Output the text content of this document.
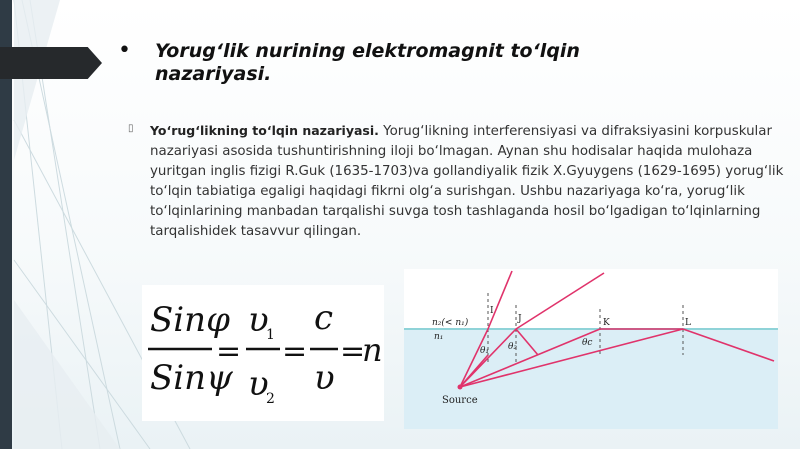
• Yorug‘lik nurining elektromagnit to‘lqin nazariyasi.
▯ Yo‘rug‘likning to‘lqin nazariyasi. Yorug‘likning interferensiyasi va difraksiyasini korpuskular nazariyasi asosida tushuntirishning iloji bo‘lmagan. Aynan shu hodisalar haqida mulohaza yuritgan inglis fizigi R.Guk (1635-1703)va gollandiyalik fizik X.Gyuygens (1629-1695) yorug‘lik to‘lqin tabiatiga egaligi haqidagi fikrni olg‘a surishgan. Ushbu nazariyaga ko‘ra, yorug‘lik to‘lqinlarining manbadan tarqalishi suvga tosh tashlaganda hosil bo‘lgadigan to‘lqinlarning tarqalishidek tasavvur qilingan.
Sinφ
Sinψ
=
υ
1
υ
2
=
c
υ
=
n
n₂(< n₁)
n₁
I
J	K	L
θ₁ θ₂	θc
Source
